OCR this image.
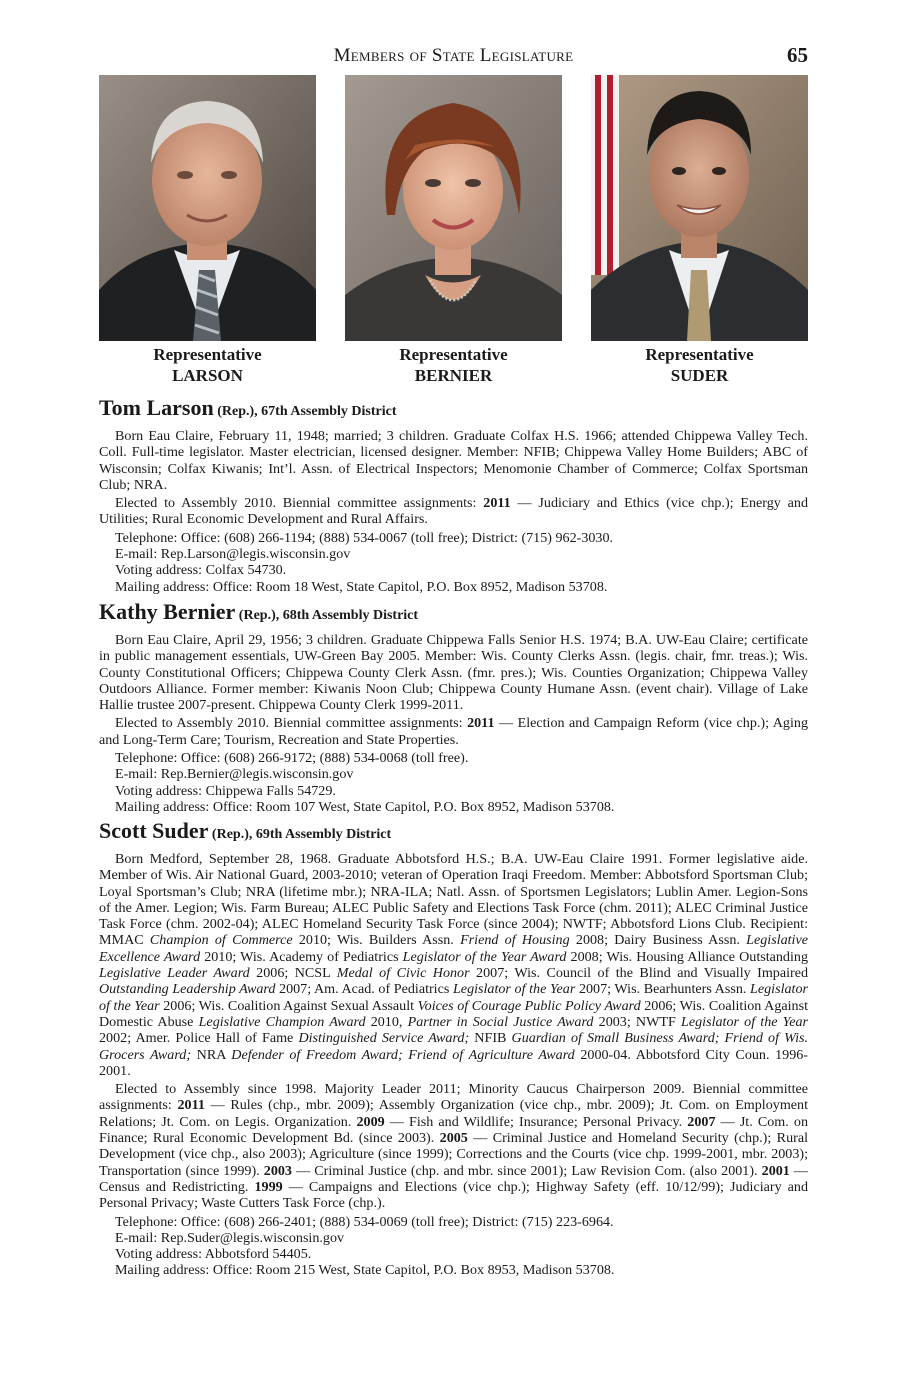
Members of State Legislature	65
Representative
LARSON
Representative
BERNIER
Representative
SUDER
Tom Larson (Rep.), 67th Assembly District

Born Eau Claire, February 11, 1948; married; 3 children. Graduate Colfax H.S. 1966; attended Chippewa Valley Tech. Coll. Full-time legislator. Master electrician, licensed designer. Member: NFIB; Chippewa Valley Home Builders; ABC of Wisconsin; Colfax Kiwanis; Int’l. Assn. of Electrical Inspectors; Menomonie Chamber of Commerce; Colfax Sportsman Club; NRA.

Elected to Assembly 2010. Biennial committee assignments: 2011 — Judiciary and Ethics (vice chp.); Energy and Utilities; Rural Economic Development and Rural Affairs.

Telephone: Office: (608) 266-1194; (888) 534-0067 (toll free); District: (715) 962-3030.

E-mail: Rep.Larson@legis.wisconsin.gov

Voting address: Colfax 54730.

Mailing address: Office: Room 18 West, State Capitol, P.O. Box 8952, Madison 53708.

Kathy Bernier (Rep.), 68th Assembly District

Born Eau Claire, April 29, 1956; 3 children. Graduate Chippewa Falls Senior H.S. 1974; B.A. UW-Eau Claire; certificate in public management essentials, UW-Green Bay 2005. Member: Wis. County Clerks Assn. (legis. chair, fmr. treas.); Wis. County Constitutional Officers; Chippewa County Clerk Assn. (fmr. pres.); Wis. Counties Organization; Chippewa Valley Outdoors Alliance. Former member: Kiwanis Noon Club; Chippewa County Humane Assn. (event chair). Village of Lake Hallie trustee 2007-present. Chippewa County Clerk 1999-2011.

Elected to Assembly 2010. Biennial committee assignments: 2011 — Election and Campaign Reform (vice chp.); Aging and Long-Term Care; Tourism, Recreation and State Properties.

Telephone: Office: (608) 266-9172; (888) 534-0068 (toll free).

E-mail: Rep.Bernier@legis.wisconsin.gov

Voting address: Chippewa Falls 54729.

Mailing address: Office: Room 107 West, State Capitol, P.O. Box 8952, Madison 53708.

Scott Suder (Rep.), 69th Assembly District

Born Medford, September 28, 1968. Graduate Abbotsford H.S.; B.A. UW-Eau Claire 1991. Former legislative aide. Member of Wis. Air National Guard, 2003-2010; veteran of Operation Iraqi Freedom. Member: Abbotsford Sportsman Club; Loyal Sportsman’s Club; NRA (lifetime mbr.); NRA-ILA; Natl. Assn. of Sportsmen Legislators; Lublin Amer. Legion-Sons of the Amer. Legion; Wis. Farm Bureau; ALEC Public Safety and Elections Task Force (chm. 2011); ALEC Criminal Justice Task Force (chm. 2002-04); ALEC Homeland Security Task Force (since 2004); NWTF; Abbotsford Lions Club. Recipient: MMAC Champion of Commerce 2010; Wis. Builders Assn. Friend of Housing 2008; Dairy Business Assn. Legislative Excellence Award 2010; Wis. Academy of Pediatrics Legislator of the Year Award 2008; Wis. Housing Alliance Outstanding Legislative Leader Award 2006; NCSL Medal of Civic Honor 2007; Wis. Council of the Blind and Visually Impaired Outstanding Leadership Award 2007; Am. Acad. of Pediatrics Legislator of the Year 2007; Wis. Bearhunters Assn. Legislator of the Year 2006; Wis. Coalition Against Sexual Assault Voices of Courage Public Policy Award 2006; Wis. Coalition Against Domestic Abuse Legislative Champion Award 2010, Partner in Social Justice Award 2003; NWTF Legislator of the Year 2002; Amer. Police Hall of Fame Distinguished Service Award; NFIB Guardian of Small Business Award; Friend of Wis. Grocers Award; NRA Defender of Freedom Award; Friend of Agriculture Award 2000-04. Abbotsford City Coun. 1996-2001.

Elected to Assembly since 1998. Majority Leader 2011; Minority Caucus Chairperson 2009. Biennial committee assignments: 2011 — Rules (chp., mbr. 2009); Assembly Organization (vice chp., mbr. 2009); Jt. Com. on Employment Relations; Jt. Com. on Legis. Organization. 2009 — Fish and Wildlife; Insurance; Personal Privacy. 2007 — Jt. Com. on Finance; Rural Economic Development Bd. (since 2003). 2005 — Criminal Justice and Homeland Security (chp.); Rural Development (vice chp., also 2003); Agriculture (since 1999); Corrections and the Courts (vice chp. 1999-2001, mbr. 2003); Transportation (since 1999). 2003 — Criminal Justice (chp. and mbr. since 2001); Law Revision Com. (also 2001). 2001 — Census and Redistricting. 1999 — Campaigns and Elections (vice chp.); Highway Safety (eff. 10/12/99); Judiciary and Personal Privacy; Waste Cutters Task Force (chp.).

Telephone: Office: (608) 266-2401; (888) 534-0069 (toll free); District: (715) 223-6964.

E-mail: Rep.Suder@legis.wisconsin.gov

Voting address: Abbotsford 54405.

Mailing address: Office: Room 215 West, State Capitol, P.O. Box 8953, Madison 53708.
